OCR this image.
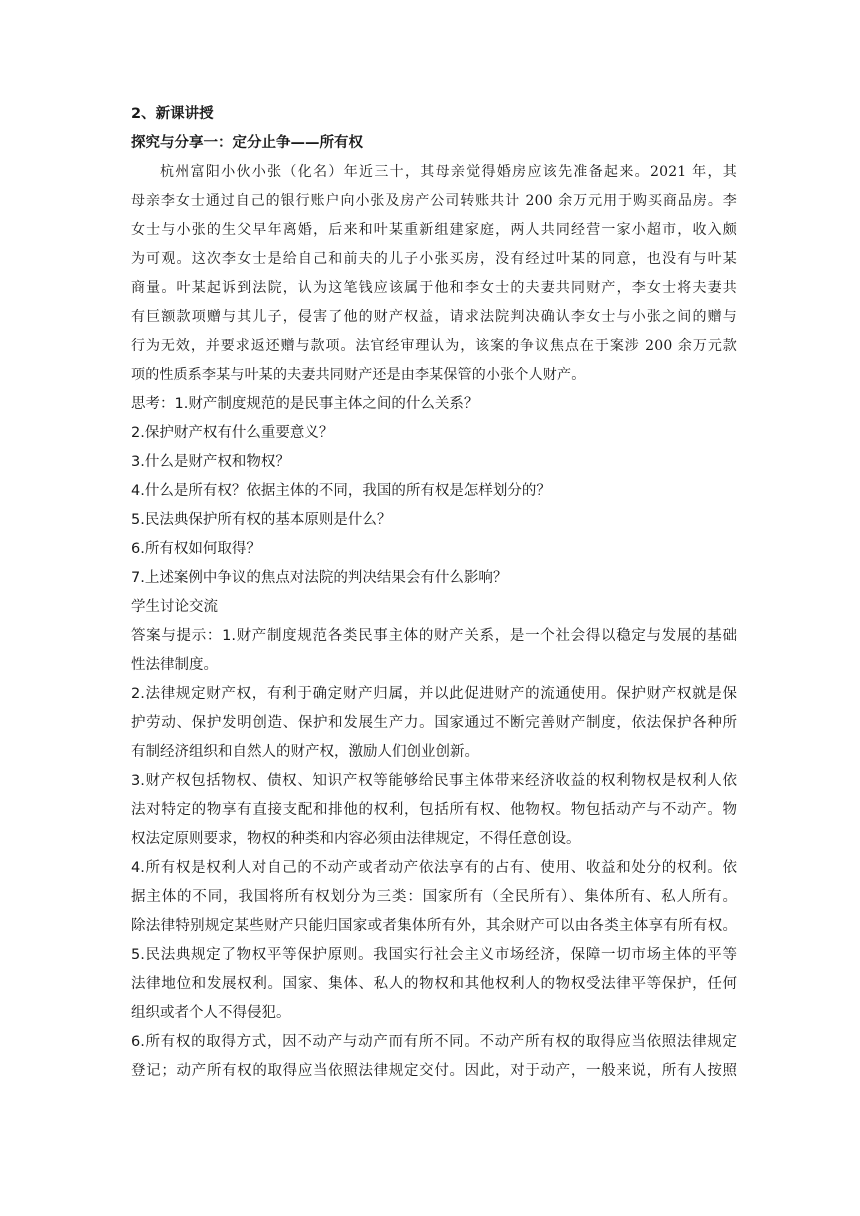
2、新课讲授
探究与分享一：定分止争——所有权
杭州富阳小伙小张（化名）年近三十，其母亲觉得婚房应该先准备起来。2021 年，其
母亲李女士通过自己的银行账户向小张及房产公司转账共计 200 余万元用于购买商品房。李
女士与小张的生父早年离婚，后来和叶某重新组建家庭，两人共同经营一家小超市，收入颇
为可观。这次李女士是给自己和前夫的儿子小张买房，没有经过叶某的同意，也没有与叶某
商量。叶某起诉到法院，认为这笔钱应该属于他和李女士的夫妻共同财产，李女士将夫妻共
有巨额款项赠与其儿子，侵害了他的财产权益，请求法院判决确认李女士与小张之间的赠与
行为无效，并要求返还赠与款项。法官经审理认为，该案的争议焦点在于案涉 200 余万元款
项的性质系李某与叶某的夫妻共同财产还是由李某保管的小张个人财产。
思考：1.财产制度规范的是民事主体之间的什么关系？
2.保护财产权有什么重要意义？
3.什么是财产权和物权？
4.什么是所有权？依据主体的不同，我国的所有权是怎样划分的？
5.民法典保护所有权的基本原则是什么？
6.所有权如何取得？
7.上述案例中争议的焦点对法院的判决结果会有什么影响？
学生讨论交流
答案与提示：1.财产制度规范各类民事主体的财产关系，是一个社会得以稳定与发展的基础
性法律制度。
2.法律规定财产权，有利于确定财产归属，并以此促进财产的流通使用。保护财产权就是保
护劳动、保护发明创造、保护和发展生产力。国家通过不断完善财产制度，依法保护各种所
有制经济组织和自然人的财产权，激励人们创业创新。
3.财产权包括物权、债权、知识产权等能够给民事主体带来经济收益的权利物权是权利人依
法对特定的物享有直接支配和排他的权利，包括所有权、他物权。物包括动产与不动产。物
权法定原则要求，物权的种类和内容必须由法律规定，不得任意创设。
4.所有权是权利人对自己的不动产或者动产依法享有的占有、使用、收益和处分的权利。依
据主体的不同，我国将所有权划分为三类：国家所有（全民所有）、集体所有、私人所有。
除法律特别规定某些财产只能归国家或者集体所有外，其余财产可以由各类主体享有所有权。
5.民法典规定了物权平等保护原则。我国实行社会主义市场经济，保障一切市场主体的平等
法律地位和发展权利。国家、集体、私人的物权和其他权利人的物权受法律平等保护，任何
组织或者个人不得侵犯。
6.所有权的取得方式，因不动产与动产而有所不同。不动产所有权的取得应当依照法律规定
登记；动产所有权的取得应当依照法律规定交付。因此，对于动产，一般来说，所有人按照
